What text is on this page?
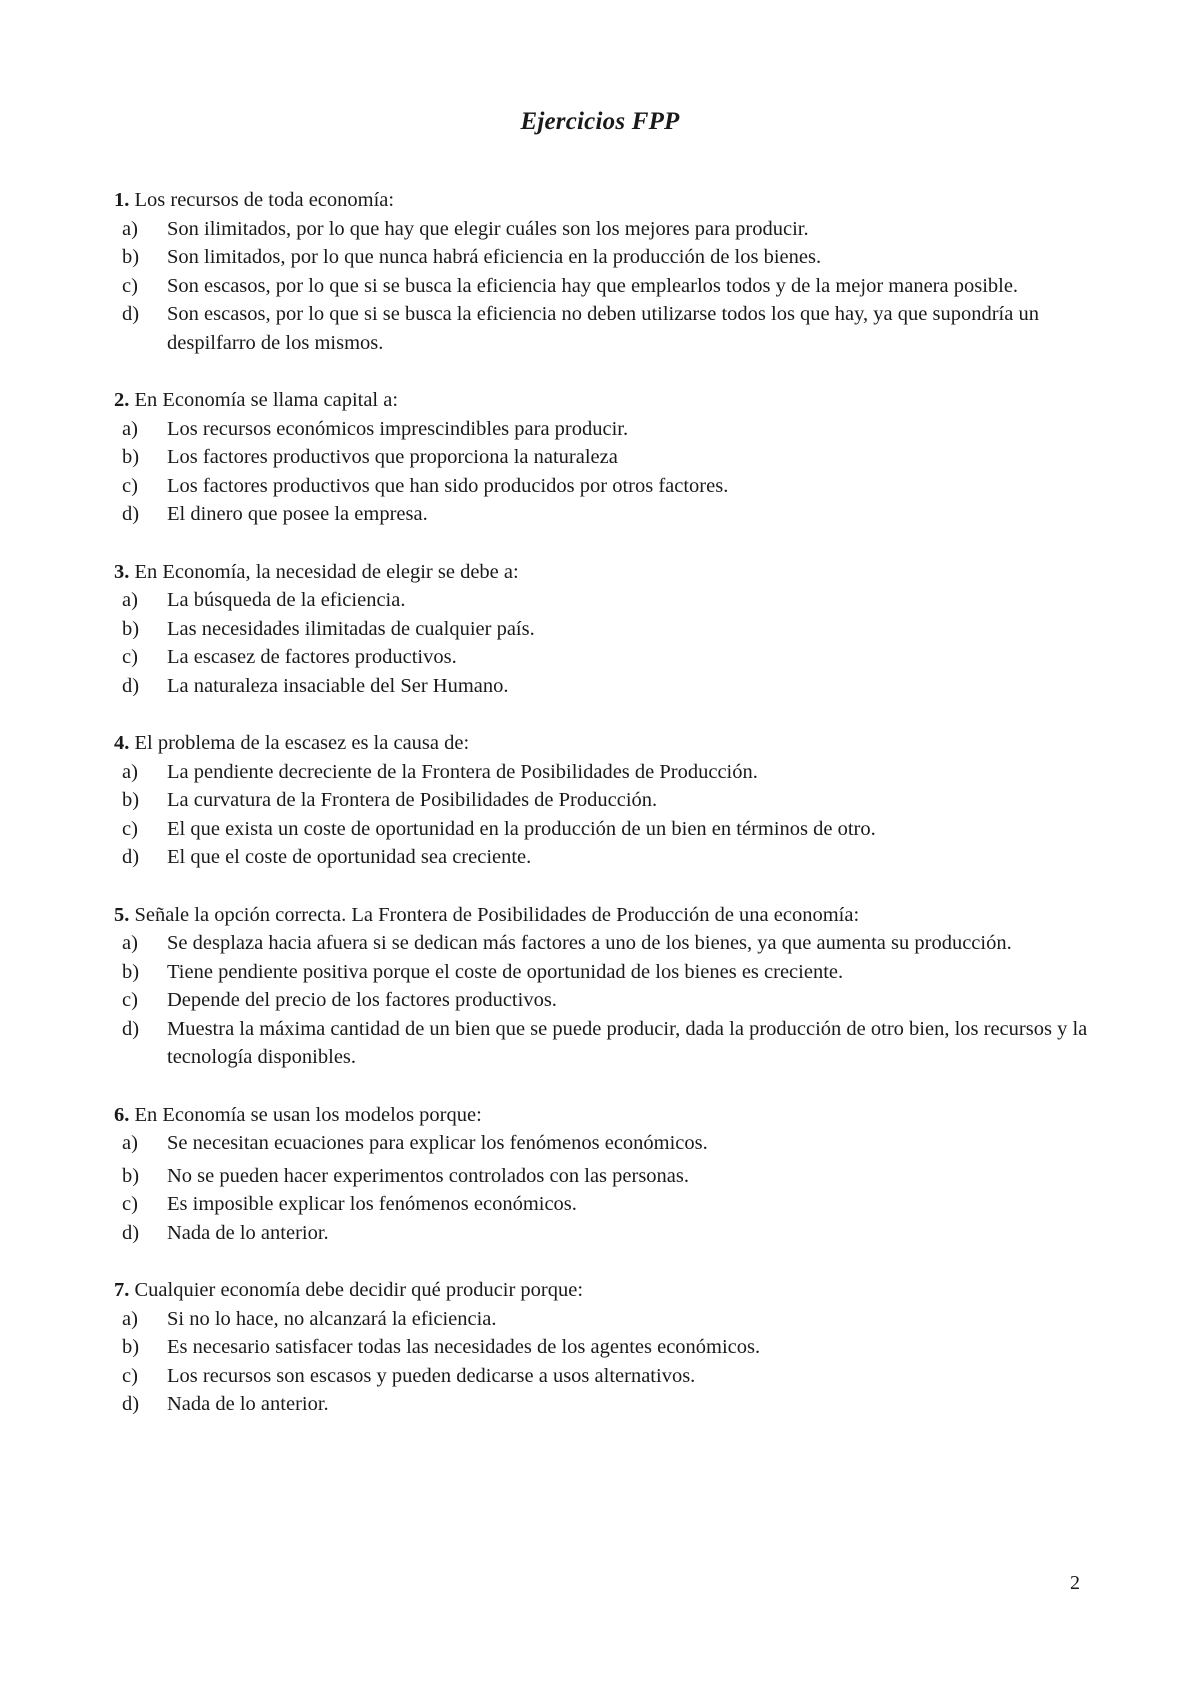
Ejercicios FPP
1. Los recursos de toda economía:
a)	Son ilimitados, por lo que hay que elegir cuáles son los mejores para producir.
b)	Son limitados, por lo que nunca habrá eficiencia en la producción de los bienes.
c)	Son escasos, por lo que si se busca la eficiencia hay que emplearlos todos y de la mejor manera posible.
d)	Son escasos, por lo que si se busca la eficiencia no deben utilizarse todos los que hay, ya que supondría un despilfarro de los mismos.
2. En Economía se llama capital a:
a)	Los recursos económicos imprescindibles para producir.
b)	Los factores productivos que proporciona la naturaleza
c)	Los factores productivos que han sido producidos por otros factores.
d)	El dinero que posee la empresa.
3. En Economía, la necesidad de elegir se debe a:
a)	La búsqueda de la eficiencia.
b)	Las necesidades ilimitadas de cualquier país.
c)	La escasez de factores productivos.
d)	La naturaleza insaciable del Ser Humano.
4. El problema de la escasez es la causa de:
a)	La pendiente decreciente de la Frontera de Posibilidades de Producción.
b)	La curvatura de la Frontera de Posibilidades de Producción.
c)	El que exista un coste de oportunidad en la producción de un bien en términos de otro.
d)	El que el coste de oportunidad sea creciente.
5. Señale la opción correcta. La Frontera de Posibilidades de Producción de una economía:
a)	Se desplaza hacia afuera si se dedican más factores a uno de los bienes, ya que aumenta su producción.
b)	Tiene pendiente positiva porque el coste de oportunidad de los bienes es creciente.
c)	Depende del precio de los factores productivos.
d)	Muestra la máxima cantidad de un bien que se puede producir, dada la producción de otro bien, los recursos y la tecnología disponibles.
6. En Economía se usan los modelos porque:
a)	Se necesitan ecuaciones para explicar los fenómenos económicos.
b)	No se pueden hacer experimentos controlados con las personas.
c)	Es imposible explicar los fenómenos económicos.
d)	Nada de lo anterior.
7. Cualquier economía debe decidir qué producir porque:
a)	Si no lo hace, no alcanzará la eficiencia.
b)	Es necesario satisfacer todas las necesidades de los agentes económicos.
c)	Los recursos son escasos y pueden dedicarse a usos alternativos.
d)	Nada de lo anterior.
2
